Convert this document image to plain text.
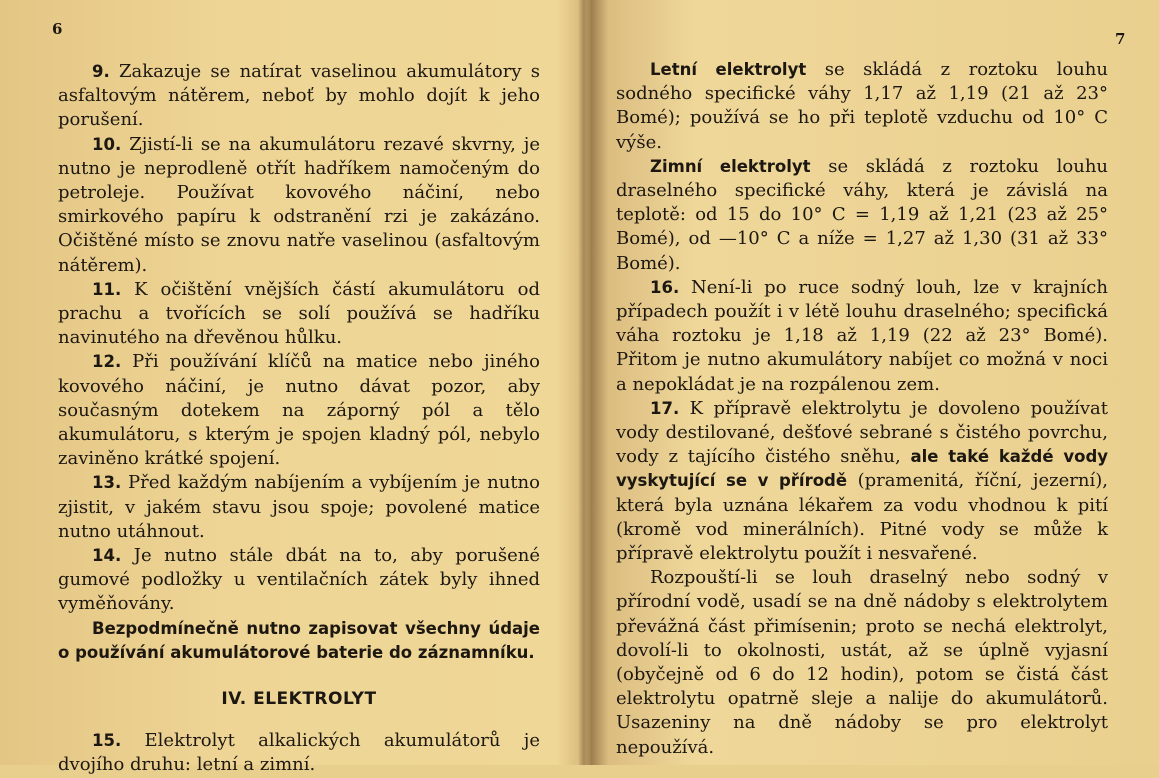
6

9. Zakazuje se natírat vaselinou akumulátory s asfaltovým nátěrem, neboť by mohlo dojít k jeho porušení.

10. Zjistí-li se na akumulátoru rezavé skvrny, je nutno je neprodleně otřít hadříkem namočeným do petroleje. Používat kovového náčiní, nebo smirkového papíru k odstranění rzi je zakázáno. Očištěné místo se znovu natře vaselinou (asfaltovým nátěrem).

11. K očištění vnějších částí akumulátoru od prachu a tvořících se solí používá se hadříku navinutého na dřevěnou hůlku.

12. Při používání klíčů na matice nebo jiného kovového náčiní, je nutno dávat pozor, aby současným dotekem na záporný pól a tělo akumulátoru, s kterým je spojen kladný pól, nebylo zaviněno krátké spojení.

13. Před každým nabíjením a vybíjením je nutno zjistit, v jakém stavu jsou spoje; povolené matice nutno utáhnout.

14. Je nutno stále dbát na to, aby porušené gumové podložky u ventilačních zátek byly ihned vyměňovány.

Bezpodmínečně nutno zapisovat všechny údaje o používání akumulátorové baterie do záznamníku.

IV. ELEKTROLYT

15. Elektrolyt alkalických akumulátorů je dvojího druhu: letní a zimní.

7

Letní elektrolyt se skládá z roztoku louhu sodného specifické váhy 1,17 až 1,19 (21 až 23° Bomé); používá se ho při teplotě vzduchu od 10° C výše.

Zimní elektrolyt se skládá z roztoku louhu draselného specifické váhy, která je závislá na teplotě: od 15 do 10° C = 1,19 až 1,21 (23 až 25° Bomé), od —10° C a níže = 1,27 až 1,30 (31 až 33° Bomé).

16. Není-li po ruce sodný louh, lze v krajních případech použít i v létě louhu draselného; specifická váha roztoku je 1,18 až 1,19 (22 až 23° Bomé). Přitom je nutno akumulátory nabíjet co možná v noci a nepokládat je na rozpálenou zem.

17. K přípravě elektrolytu je dovoleno používat vody destilované, dešťové sebrané s čistého povrchu, vody z tajícího čistého sněhu, ale také každé vody vyskytující se v přírodě (pramenitá, říční, jezerní), která byla uznána lékařem za vodu vhodnou k pití (kromě vod minerálních). Pitné vody se může k přípravě elektrolytu použít i nesvařené.

Rozpouští-li se louh draselný nebo sodný v přírodní vodě, usadí se na dně nádoby s elektrolytem převážná část přimísenin; proto se nechá elektrolyt, dovolí-li to okolnosti, ustát, až se úplně vyjasní (obyčejně od 6 do 12 hodin), potom se čistá část elektrolytu opatrně sleje a nalije do akumulátorů. Usazeniny na dně nádoby se pro elektrolyt nepoužívá.
